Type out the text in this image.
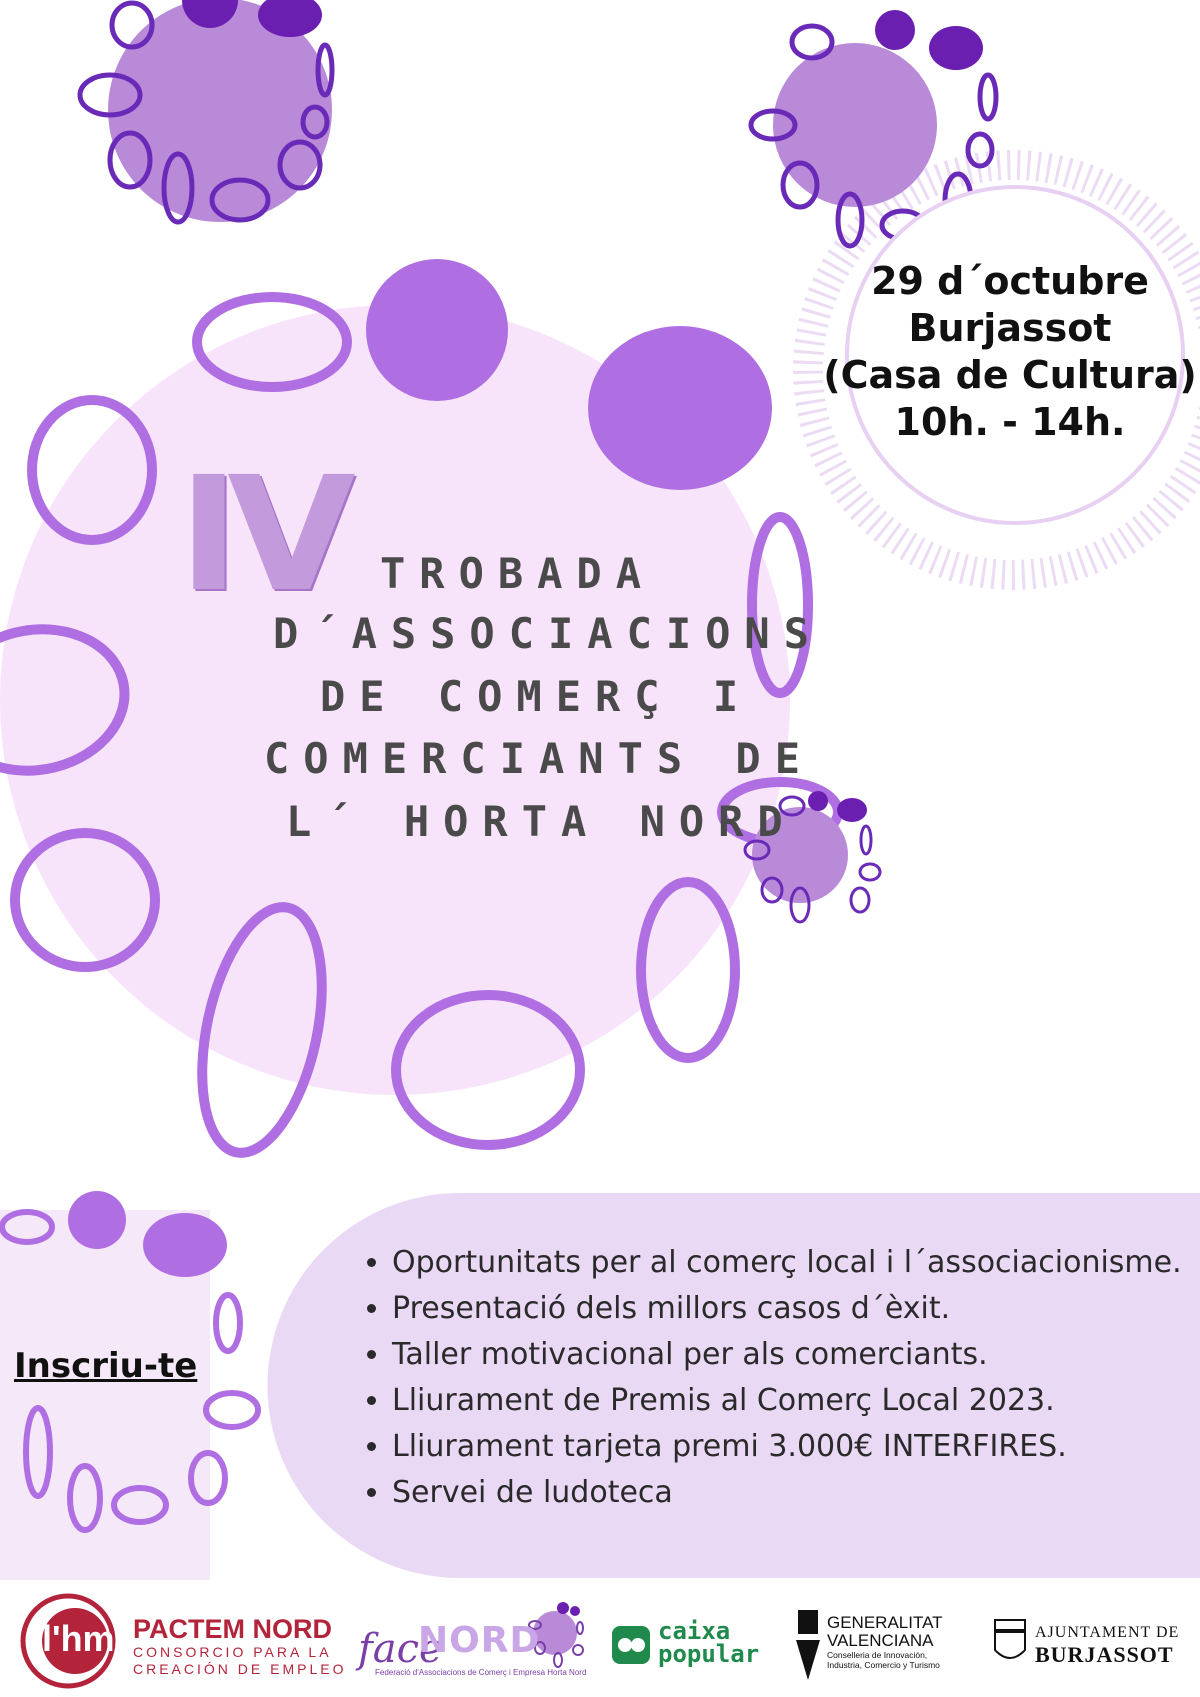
29 d´octubre
Burjassot
(Casa de Cultura)
10h. - 14h.
IV TROBADA
D´ASSOCIACIONS
DE COMERÇ I
COMERCIANTS DE
L´ HORTA NORD
Inscriu-te
• Oportunitats per al comerç local i l´associacionisme.
• Presentació dels millors casos d´èxit.
• Taller motivacional per als comerciants.
• Lliurament de Premis al Comerç Local 2023.
• Lliurament tarjeta premi 3.000€ INTERFIRES.
• Servei de ludoteca
l'hm PACTEM NORD
CONSORCIO PARA LA
CREACIÓN DE EMPLEO face
NORD
Federació d'Associacions de Comerç i Empresa Horta Nord
caixa
popular
GENERALITAT
VALENCIANA
Conselleria de Innovación,
Industria, Comercio y Turismo
AJUNTAMENT DE
BURJASSOT
